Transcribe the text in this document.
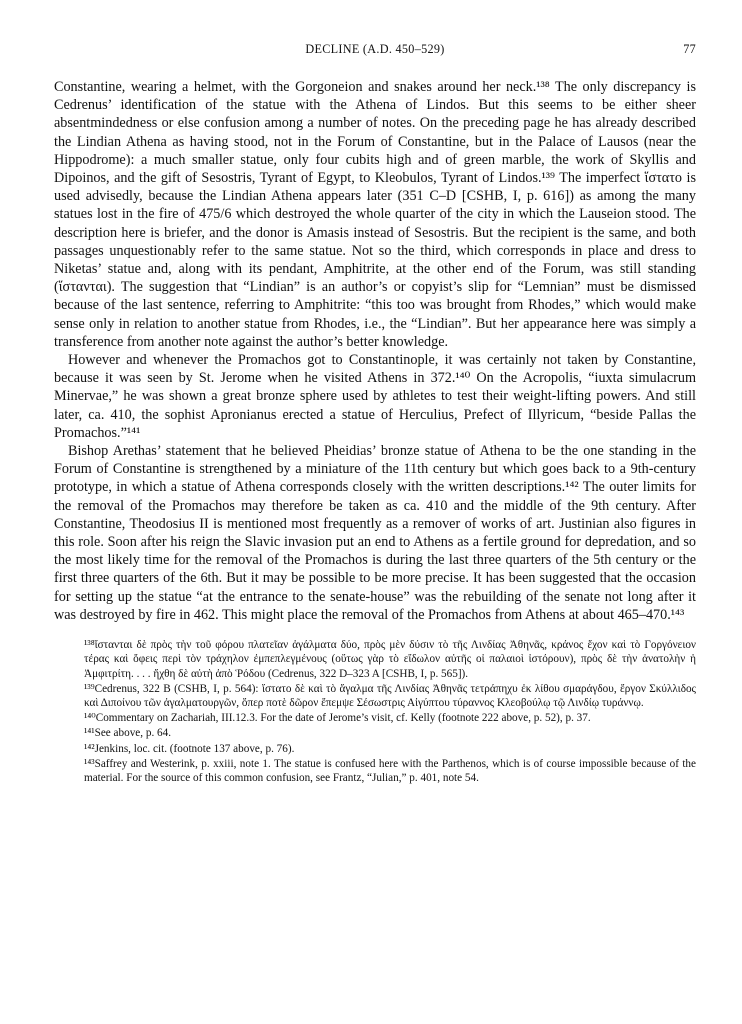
DECLINE (A.D. 450–529)	77

Constantine, wearing a helmet, with the Gorgoneion and snakes around her neck.¹³⁸ The only discrepancy is Cedrenus’ identification of the statue with the Athena of Lindos. But this seems to be either sheer absentmindedness or else confusion among a number of notes. On the preceding page he has already described the Lindian Athena as having stood, not in the Forum of Constantine, but in the Palace of Lausos (near the Hippodrome): a much smaller statue, only four cubits high and of green marble, the work of Skyllis and Dipoinos, and the gift of Sesostris, Tyrant of Egypt, to Kleobulos, Tyrant of Lindos.¹³⁹ The imperfect ἵστατο is used advisedly, because the Lindian Athena appears later (351 C–D [CSHB, I, p. 616]) as among the many statues lost in the fire of 475/6 which destroyed the whole quarter of the city in which the Lauseion stood. The description here is briefer, and the donor is Amasis instead of Sesostris. But the recipient is the same, and both passages unquestionably refer to the same statue. Not so the third, which corresponds in place and dress to Niketas’ statue and, along with its pendant, Amphitrite, at the other end of the Forum, was still standing (ἵστανται). The suggestion that “Lindian” is an author’s or copyist’s slip for “Lemnian” must be dismissed because of the last sentence, referring to Amphitrite: “this too was brought from Rhodes,” which would make sense only in relation to another statue from Rhodes, i.e., the “Lindian”. But her appearance here was simply a transference from another note against the author’s better knowledge.

However and whenever the Promachos got to Constantinople, it was certainly not taken by Constantine, because it was seen by St. Jerome when he visited Athens in 372.¹⁴⁰ On the Acropolis, “iuxta simulacrum Minervae,” he was shown a great bronze sphere used by athletes to test their weight-lifting powers. And still later, ca. 410, the sophist Apronianus erected a statue of Herculius, Prefect of Illyricum, “beside Pallas the Promachos.”¹⁴¹

Bishop Arethas’ statement that he believed Pheidias’ bronze statue of Athena to be the one standing in the Forum of Constantine is strengthened by a miniature of the 11th century but which goes back to a 9th-century prototype, in which a statue of Athena corresponds closely with the written descriptions.¹⁴² The outer limits for the removal of the Promachos may therefore be taken as ca. 410 and the middle of the 9th century. After Constantine, Theodosius II is mentioned most frequently as a remover of works of art. Justinian also figures in this role. Soon after his reign the Slavic invasion put an end to Athens as a fertile ground for depredation, and so the most likely time for the removal of the Promachos is during the last three quarters of the 5th century or the first three quarters of the 6th. But it may be possible to be more precise. It has been suggested that the occasion for setting up the statue “at the entrance to the senate-house” was the rebuilding of the senate not long after it was destroyed by fire in 462. This might place the removal of the Promachos from Athens at about 465–470.¹⁴³

¹³⁸ἵστανται δὲ πρὸς τὴν τοῦ φόρου πλατεῖαν ἀγάλματα δύο, πρὸς μὲν δύσιν τὸ τῆς Λινδίας Ἀθηνᾶς, κράνος ἔχον καὶ τὸ Γοργόνειον τέρας καὶ ὄφεις περὶ τὸν τράχηλον ἐμπεπλεγμένους (οὕτως γὰρ τὸ εἴδωλον αὐτῆς οἱ παλαιοὶ ἱστόρουν), πρὸς δὲ τὴν ἀνατολὴν ἡ Ἀμφιτρίτη. . . . ἤχθη δὲ αὐτὴ ἀπὸ Ῥόδου (Cedrenus, 322 D–323 A [CSHB, I, p. 565]).

¹³⁹Cedrenus, 322 B (CSHB, I, p. 564): ἵστατο δὲ καὶ τὸ ἄγαλμα τῆς Λινδίας Ἀθηνᾶς τετράπηχυ ἐκ λίθου σμαράγδου, ἔργον Σκύλλιδος καὶ Διποίνου τῶν ἀγαλματουργῶν, ὅπερ ποτὲ δῶρον ἔπεμψε Σέσωστρις Αἰγύπτου τύραννος Κλεοβούλῳ τῷ Λινδίῳ τυράννῳ.

¹⁴⁰Commentary on Zachariah, III.12.3. For the date of Jerome’s visit, cf. Kelly (footnote 222 above, p. 52), p. 37.

¹⁴¹See above, p. 64.

¹⁴²Jenkins, loc. cit. (footnote 137 above, p. 76).

¹⁴³Saffrey and Westerink, p. xxiii, note 1. The statue is confused here with the Parthenos, which is of course impossible because of the material. For the source of this common confusion, see Frantz, “Julian,” p. 401, note 54.
